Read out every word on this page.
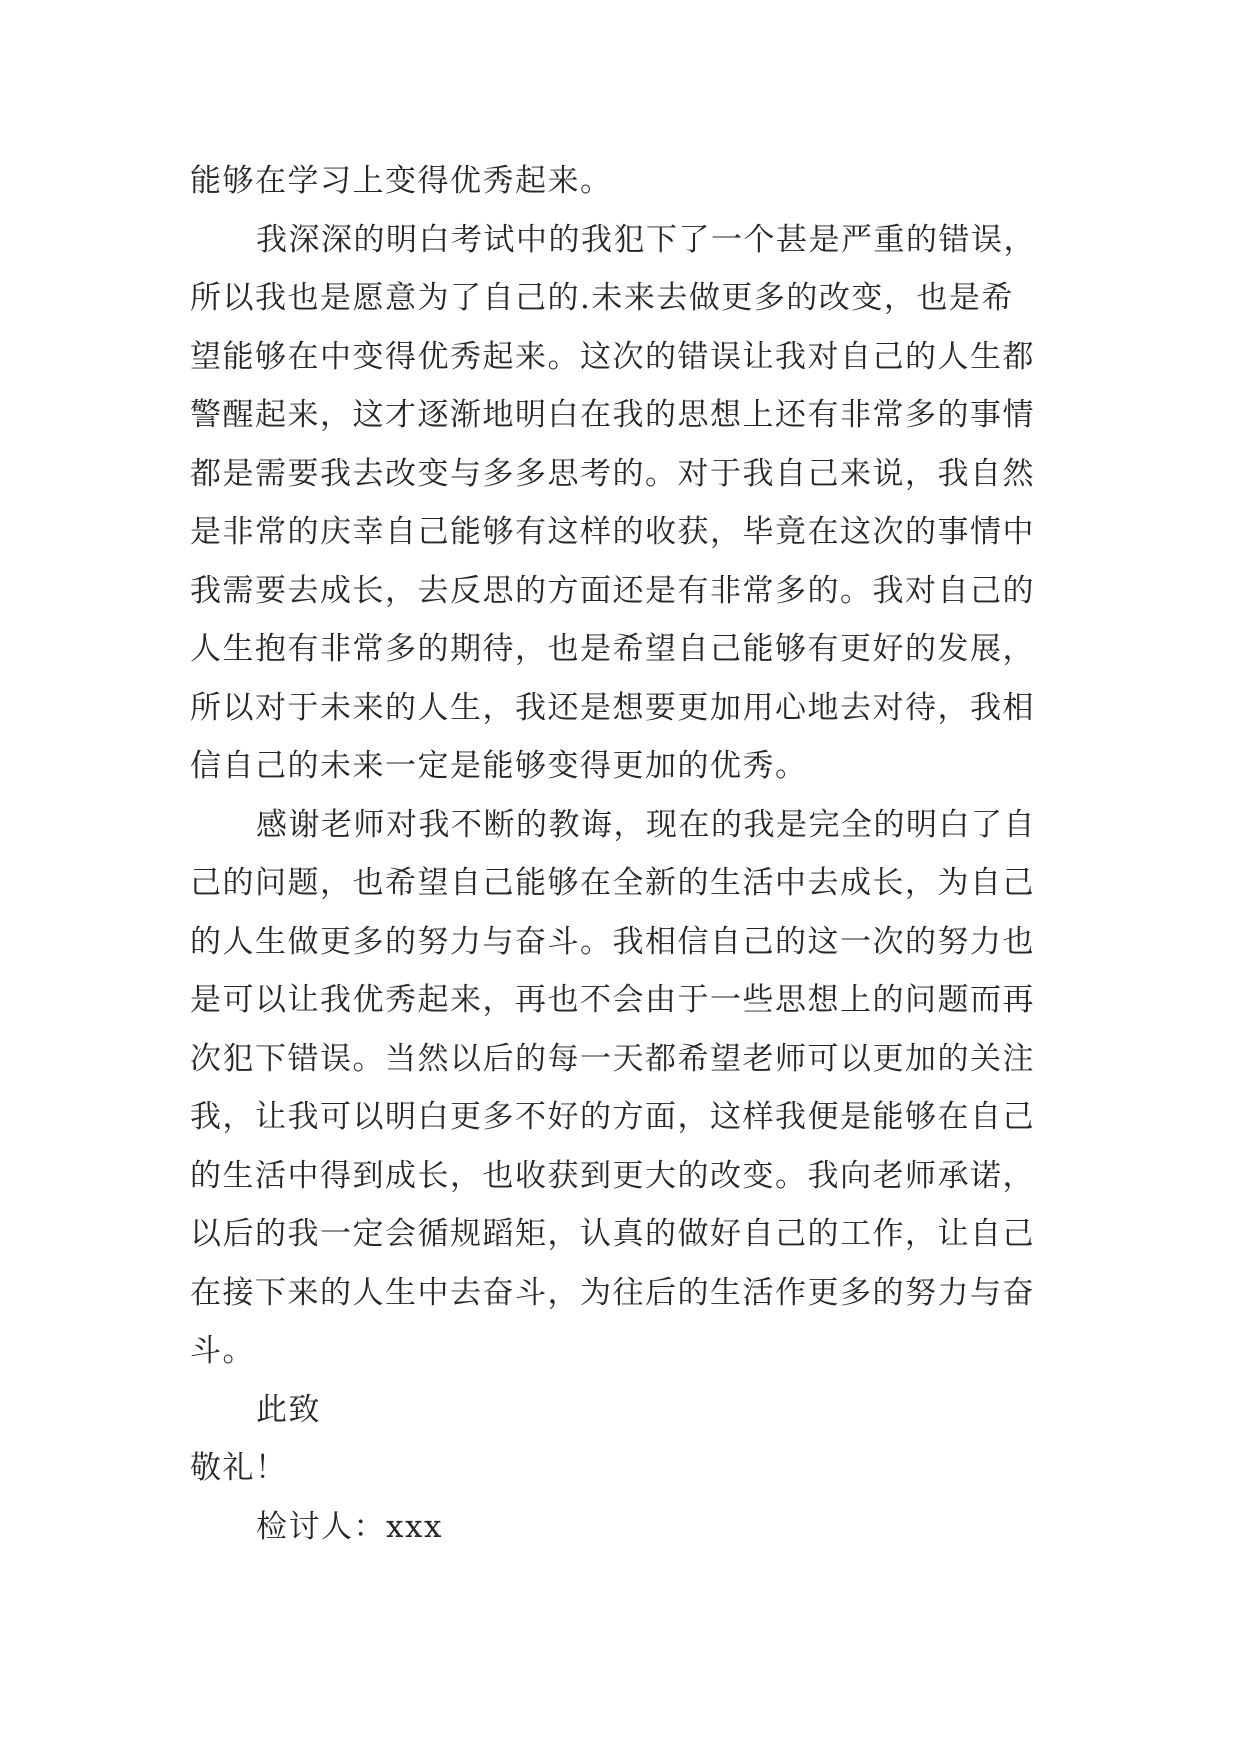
能够在学习上变得优秀起来。
我深深的明白考试中的我犯下了一个甚是严重的错误，
所以我也是愿意为了自己的.未来去做更多的改变，也是希
望能够在中变得优秀起来。这次的错误让我对自己的人生都
警醒起来，这才逐渐地明白在我的思想上还有非常多的事情
都是需要我去改变与多多思考的。对于我自己来说，我自然
是非常的庆幸自己能够有这样的收获，毕竟在这次的事情中
我需要去成长，去反思的方面还是有非常多的。我对自己的
人生抱有非常多的期待，也是希望自己能够有更好的发展，
所以对于未来的人生，我还是想要更加用心地去对待，我相
信自己的未来一定是能够变得更加的优秀。
感谢老师对我不断的教诲，现在的我是完全的明白了自
己的问题，也希望自己能够在全新的生活中去成长，为自己
的人生做更多的努力与奋斗。我相信自己的这一次的努力也
是可以让我优秀起来，再也不会由于一些思想上的问题而再
次犯下错误。当然以后的每一天都希望老师可以更加的关注
我，让我可以明白更多不好的方面，这样我便是能够在自己
的生活中得到成长，也收获到更大的改变。我向老师承诺，
以后的我一定会循规蹈矩，认真的做好自己的工作，让自己
在接下来的人生中去奋斗，为往后的生活作更多的努力与奋
斗。
此致
敬礼！
检讨人：xxx
